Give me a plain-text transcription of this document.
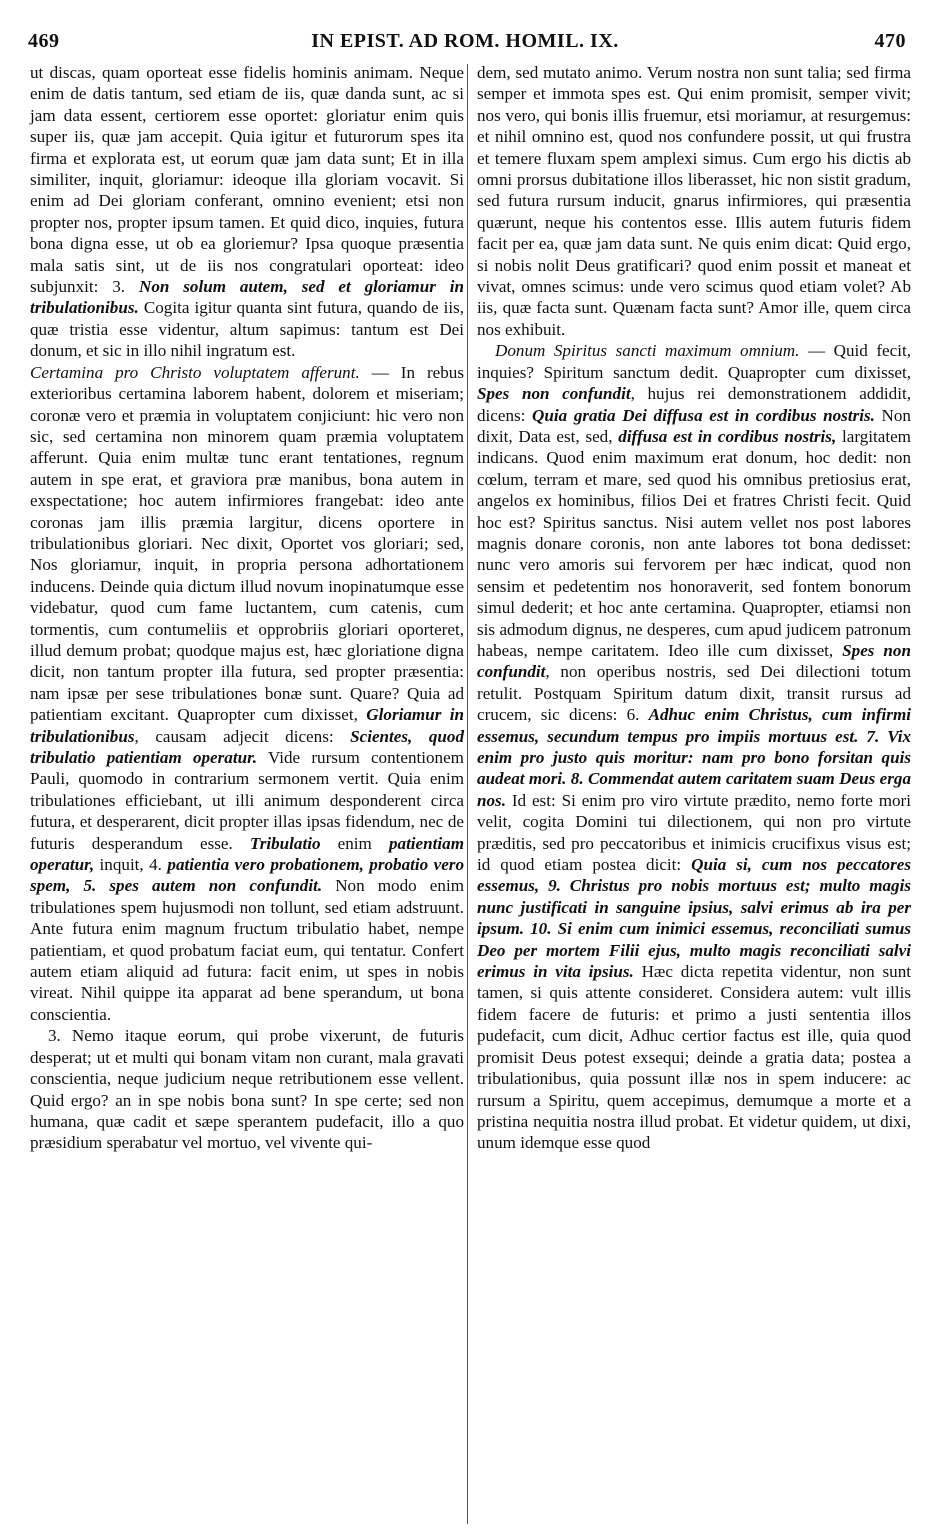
469	IN EPIST. AD ROM. HOMIL. IX.	470

ut discas, quam oporteat esse fidelis hominis animam. Neque enim de datis tantum, sed etiam de iis, quæ danda sunt, ac si jam data essent, certiorem esse oportet: gloriatur enim quis super iis, quæ jam accepit. Quia igitur et futurorum spes ita firma et explorata est, ut eorum quæ jam data sunt; Et in illa similiter, inquit, gloriamur: ideoque illa gloriam vocavit. Si enim ad Dei gloriam conferant, omnino evenient; etsi non propter nos, propter ipsum tamen. Et quid dico, inquies, futura bona digna esse, ut ob ea gloriemur? Ipsa quoque præsentia mala satis sint, ut de iis nos congratulari oporteat: ideo subjunxit: 3. Non solum autem, sed et gloriamur in tribulationibus. Cogita igitur quanta sint futura, quando de iis, quæ tristia esse videntur, altum sapimus: tantum est Dei donum, et sic in illo nihil ingratum est.

Certamina pro Christo voluptatem afferunt. — In rebus exterioribus certamina laborem habent, dolorem et miseriam; coronæ vero et præmia in voluptatem conjiciunt: hic vero non sic, sed certamina non minorem quam præmia voluptatem afferunt. Quia enim multæ tunc erant tentationes, regnum autem in spe erat, et graviora præ manibus, bona autem in exspectatione; hoc autem infirmiores frangebat: ideo ante coronas jam illis præmia largitur, dicens oportere in tribulationibus gloriari. Nec dixit, Oportet vos gloriari; sed, Nos gloriamur, inquit, in propria persona adhortationem inducens. Deinde quia dictum illud novum inopinatumque esse videbatur, quod cum fame luctantem, cum catenis, cum tormentis, cum contumeliis et opprobriis gloriari oporteret, illud demum probat; quodque majus est, hæc gloriatione digna dicit, non tantum propter illa futura, sed propter præsentia: nam ipsæ per sese tribulationes bonæ sunt. Quare? Quia ad patientiam excitant. Quapropter cum dixisset, Gloriamur in tribulationibus, causam adjecit dicens: Scientes, quod tribulatio patientiam operatur. Vide rursum contentionem Pauli, quomodo in contrarium sermonem vertit. Quia enim tribulationes efficiebant, ut illi animum desponderent circa futura, et desperarent, dicit propter illas ipsas fidendum, nec de futuris desperandum esse. Tribulatio enim patientiam operatur, inquit, 4. patientia vero probationem, probatio vero spem, 5. spes autem non confundit. Non modo enim tribulationes spem hujusmodi non tollunt, sed etiam adstruunt. Ante futura enim magnum fructum tribulatio habet, nempe patientiam, et quod probatum faciat eum, qui tentatur. Confert autem etiam aliquid ad futura: facit enim, ut spes in nobis vireat. Nihil quippe ita apparat ad bene sperandum, ut bona conscientia.

3. Nemo itaque eorum, qui probe vixerunt, de futuris desperat; ut et multi qui bonam vitam non curant, mala gravati conscientia, neque judicium neque retributionem esse vellent. Quid ergo? an in spe nobis bona sunt? In spe certe; sed non humana, quæ cadit et sæpe sperantem pudefacit, illo a quo præsidium sperabatur vel mortuo, vel vivente qui-

dem, sed mutato animo. Verum nostra non sunt talia; sed firma semper et immota spes est. Qui enim promisit, semper vivit; nos vero, qui bonis illis fruemur, etsi moriamur, at resurgemus: et nihil omnino est, quod nos confundere possit, ut qui frustra et temere fluxam spem amplexi simus. Cum ergo his dictis ab omni prorsus dubitatione illos liberasset, hic non sistit gradum, sed futura rursum inducit, gnarus infirmiores, qui præsentia quærunt, neque his contentos esse. Illis autem futuris fidem facit per ea, quæ jam data sunt. Ne quis enim dicat: Quid ergo, si nobis nolit Deus gratificari? quod enim possit et maneat et vivat, omnes scimus: unde vero scimus quod etiam volet? Ab iis, quæ facta sunt. Quænam facta sunt? Amor ille, quem circa nos exhibuit.

Donum Spiritus sancti maximum omnium. — Quid fecit, inquies? Spiritum sanctum dedit. Quapropter cum dixisset, Spes non confundit, hujus rei demonstrationem addidit, dicens: Quia gratia Dei diffusa est in cordibus nostris. Non dixit, Data est, sed, diffusa est in cordibus nostris, largitatem indicans. Quod enim maximum erat donum, hoc dedit: non cœlum, terram et mare, sed quod his omnibus pretiosius erat, angelos ex hominibus, filios Dei et fratres Christi fecit. Quid hoc est? Spiritus sanctus. Nisi autem vellet nos post labores magnis donare coronis, non ante labores tot bona dedisset: nunc vero amoris sui fervorem per hæc indicat, quod non sensim et pedetentim nos honoraverit, sed fontem bonorum simul dederit; et hoc ante certamina. Quapropter, etiamsi non sis admodum dignus, ne desperes, cum apud judicem patronum habeas, nempe caritatem. Ideo ille cum dixisset, Spes non confundit, non operibus nostris, sed Dei dilectioni totum retulit. Postquam Spiritum datum dixit, transit rursus ad crucem, sic dicens: 6. Adhuc enim Christus, cum infirmi essemus, secundum tempus pro impiis mortuus est. 7. Vix enim pro justo quis moritur: nam pro bono forsitan quis audeat mori. 8. Commendat autem caritatem suam Deus erga nos. Id est: Si enim pro viro virtute prædito, nemo forte mori velit, cogita Domini tui dilectionem, qui non pro virtute præditis, sed pro peccatoribus et inimicis crucifixus visus est; id quod etiam postea dicit: Quia si, cum nos peccatores essemus, 9. Christus pro nobis mortuus est; multo magis nunc justificati in sanguine ipsius, salvi erimus ab ira per ipsum. 10. Si enim cum inimici essemus, reconciliati sumus Deo per mortem Filii ejus, multo magis reconciliati salvi erimus in vita ipsius. Hæc dicta repetita videntur, non sunt tamen, si quis attente consideret. Considera autem: vult illis fidem facere de futuris: et primo a justi sententia illos pudefacit, cum dicit, Adhuc certior factus est ille, quia quod promisit Deus potest exsequi; deinde a gratia data; postea a tribulationibus, quia possunt illæ nos in spem inducere: ac rursum a Spiritu, quem accepimus, demumque a morte et a pristina nequitia nostra illud probat. Et videtur quidem, ut dixi, unum idemque esse quod
